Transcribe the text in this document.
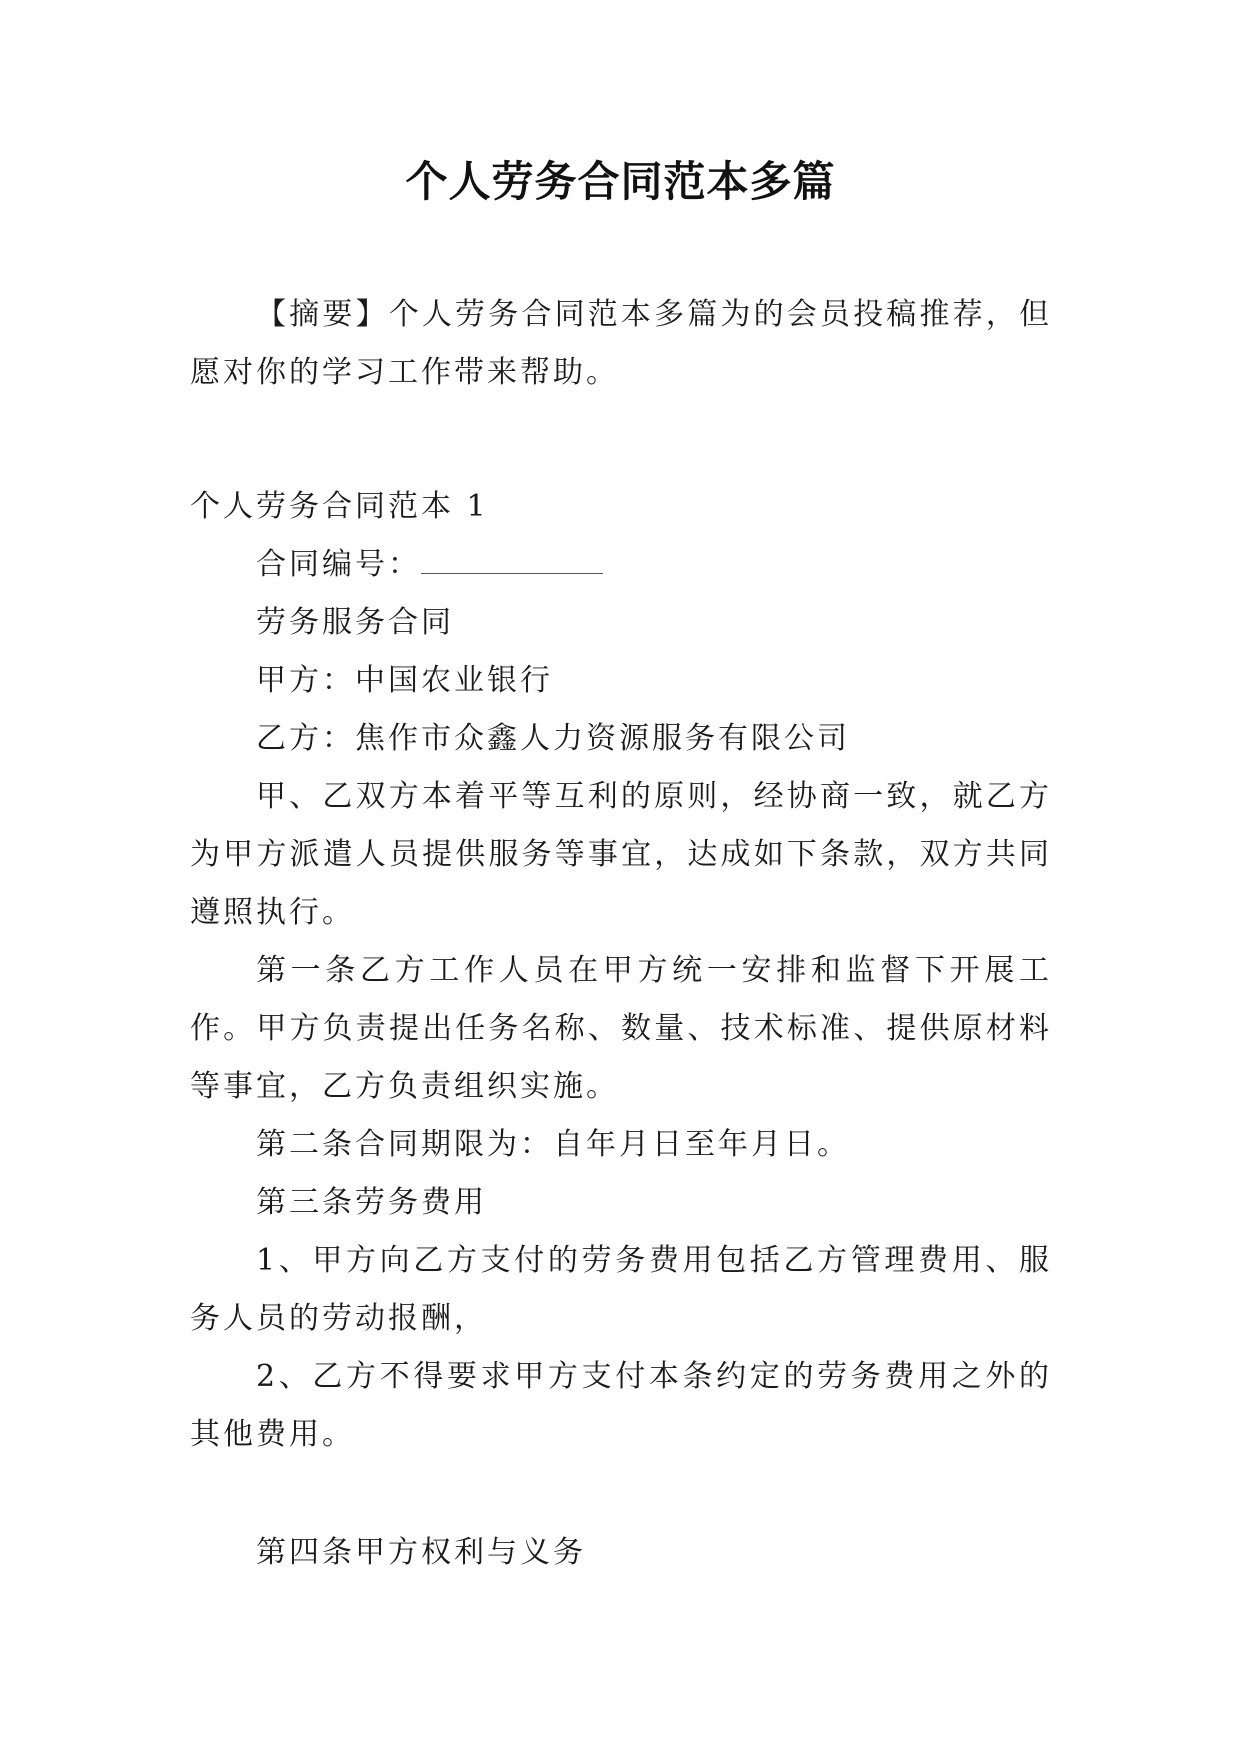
个人劳务合同范本多篇

【摘要】个人劳务合同范本多篇为的会员投稿推荐，但愿对你的学习工作带来帮助。

个人劳务合同范本 1

合同编号：

劳务服务合同

甲方：中国农业银行

乙方：焦作市众鑫人力资源服务有限公司

甲、乙双方本着平等互利的原则，经协商一致，就乙方为甲方派遣人员提供服务等事宜，达成如下条款，双方共同遵照执行。

第一条乙方工作人员在甲方统一安排和监督下开展工作。甲方负责提出任务名称、数量、技术标准、提供原材料等事宜，乙方负责组织实施。

第二条合同期限为：自年月日至年月日。

第三条劳务费用

1、甲方向乙方支付的劳务费用包括乙方管理费用、服务人员的劳动报酬，

2、乙方不得要求甲方支付本条约定的劳务费用之外的其他费用。

第四条甲方权利与义务
